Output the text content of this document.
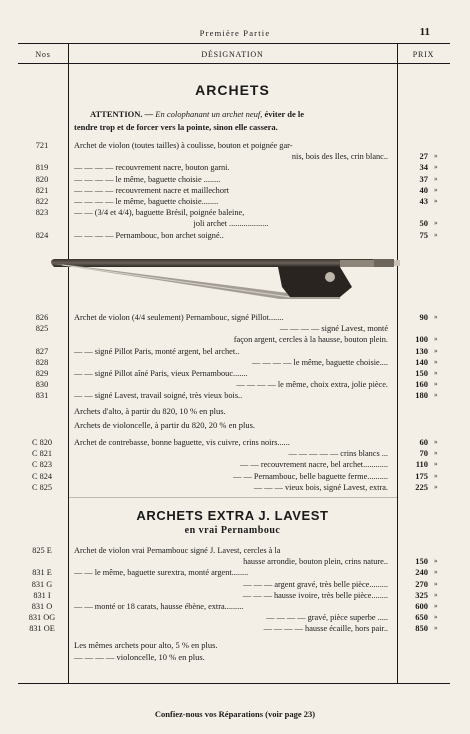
Première Partie	11
Nos	DÉSIGNATION	PRIX
ARCHETS
ATTENTION. — En colophanant un archet neuf, éviter de le
tendre trop et de forcer vers la pointe, sinon elle cassera.
721	Archet de violon (toutes tailles) à coulisse, bouton et poignée gar-
nis, bois des Iles, crin blanc..	27 »
819	— — — — recouvrement nacre, bouton garni.	34 »
820	— — — — le même, baguette choisie ........	37 »
821	— — — — recouvrement nacre et maillechort	40 »
822	— — — — le même, baguette choisie........	43 »
823	— — (3/4 et 4/4), baguette Brésil, poignée baleine,
joli archet ...................	50 »
824	— — — — Pernambouc, bon archet soigné..	75 »
826	Archet de violon (4/4 seulement) Pernambouc, signé Pillot.......	90 »
825	— — — — signé Lavest, monté
façon argent, cercles à la hausse, bouton plein.	100 »
827	— — signé Pillot Paris, monté argent, bel archet..	130 »
828	— — — — le même, baguette choisie....	140 »
829	— — signé Pillot aîné Paris, vieux Pernambouc.......	150 »
830	— — — — le même, choix extra, jolie pièce.	160 »
831	— — signé Lavest, travail soigné, très vieux bois..	180 »
Archets d'alto, à partir du 820, 10 % en plus.
Archets de violoncelle, à partir du 820, 20 % en plus.
C 820	Archet de contrebasse, bonne baguette, vis cuivre, crins noirs......	60 »
C 821	— — — — — crins blancs ...	70 »
C 823	— — recouvrement nacre, bel archet............	110 »
C 824	— — Pernambouc, belle baguette ferme..........	175 »
C 825	— — — vieux bois, signé Lavest, extra.	225 »
ARCHETS EXTRA J. LAVEST
en vrai Pernambouc
825 E	Archet de violon vrai Pernambouc signé J. Lavest, cercles à la
hausse arrondie, bouton plein, crins nature..	150 »
831 E	— — le même, baguette surextra, monté argent........	240 »
831 G	— — — argent gravé, très belle pièce.........	270 »
831 I	— — — hausse ivoire, très belle pièce........	325 »
831 O	— — monté or 18 carats, hausse ébène, extra.........	600 »
831 OG	— — — — gravé, pièce superbe .....	650 »
831 OE	— — — — hausse écaille, hors pair..	850 »
Les mêmes archets pour alto, 5 % en plus.
— — — — violoncelle, 10 % en plus.
Confiez-nous vos Réparations (voir page 23)
